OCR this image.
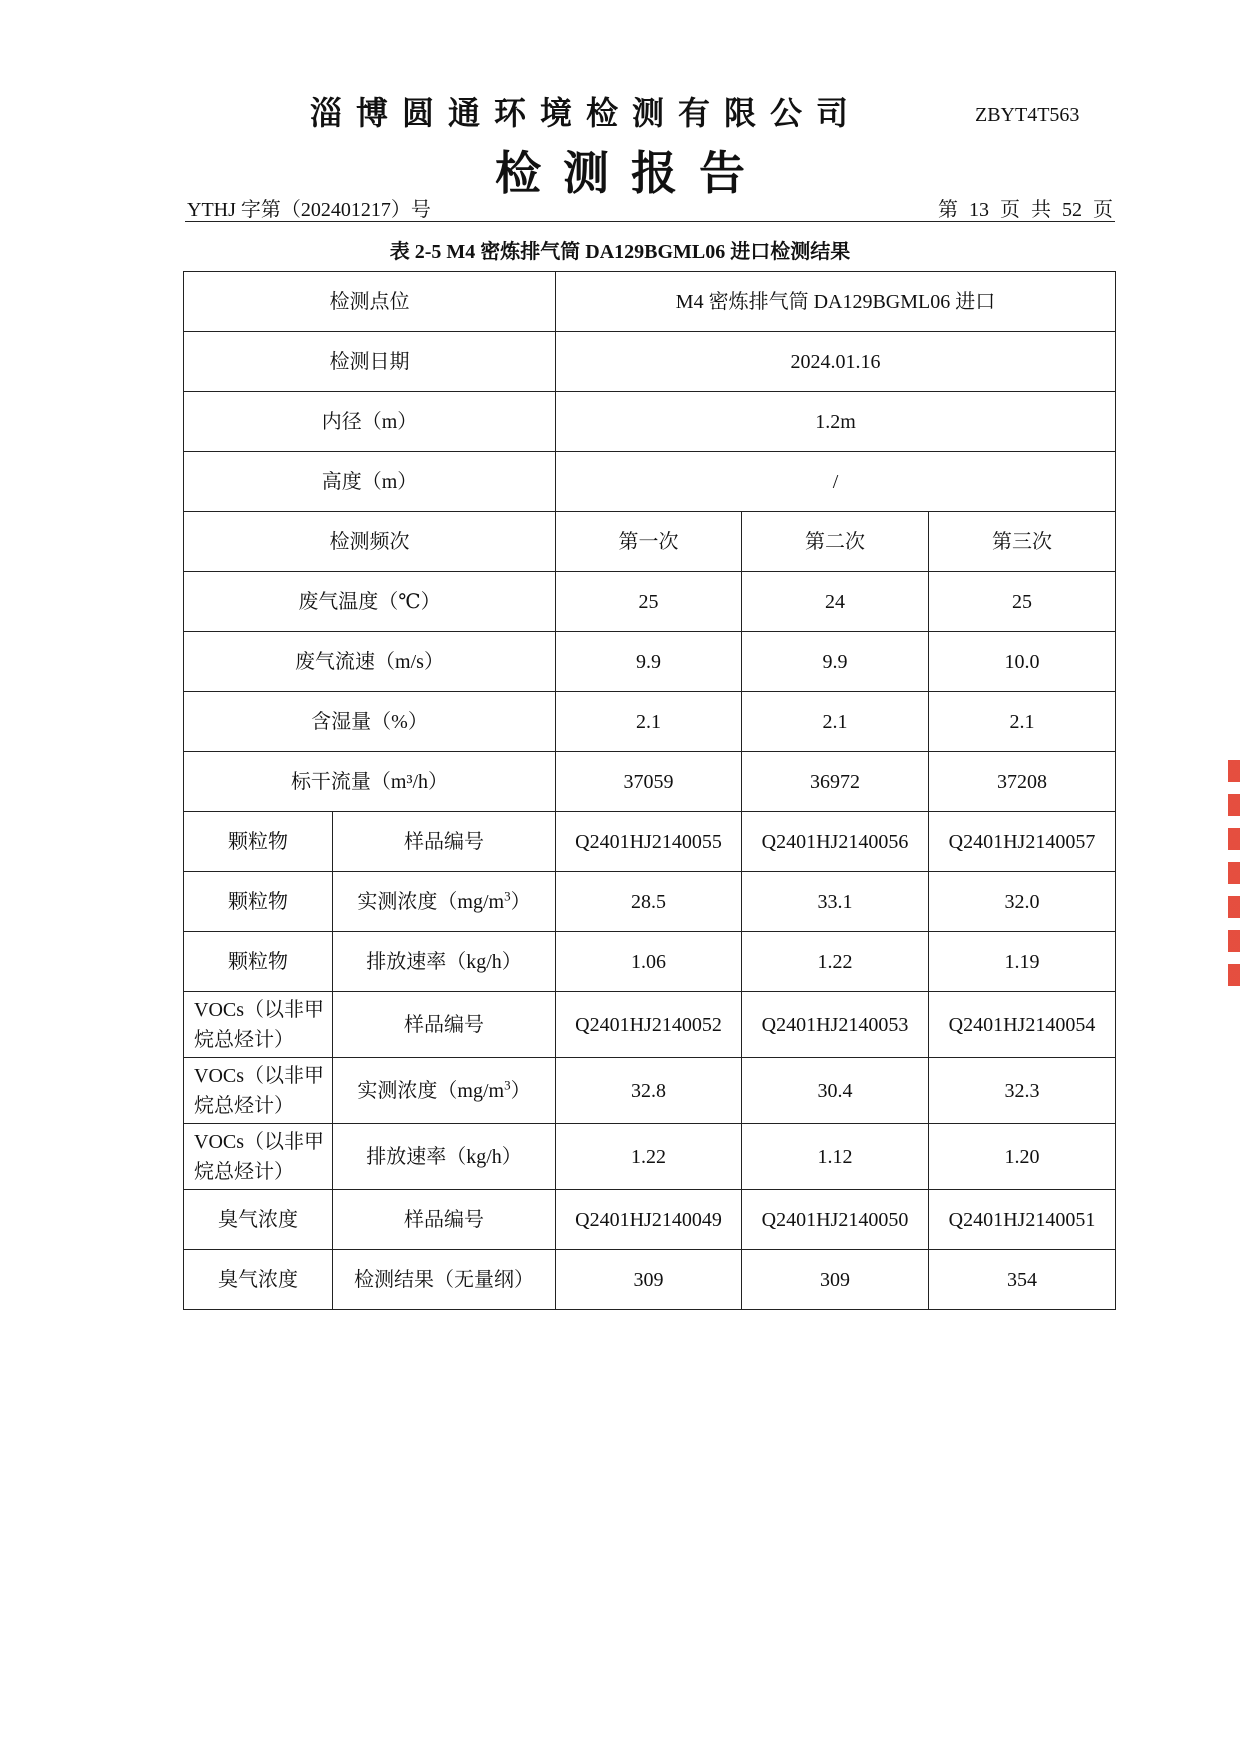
淄博圆通环境检测有限公司	ZBYT4T563
检测报告
YTHJ 字第（202401217）号	第 13 页 共 52 页
表 2-5 M4 密炼排气筒 DA129BGML06 进口检测结果
检测点位		M4 密炼排气筒 DA129BGML06 进口		
检测日期		2024.01.16		
内径（m）		1.2m		
高度（m）		/		
检测频次		第一次	第二次	第三次
废气温度（℃）		25	24	25
废气流速（m/s）		9.9	9.9	10.0
含湿量（%）		2.1	2.1	2.1
标干流量（m³/h）		37059	36972	37208
颗粒物	样品编号	Q2401HJ2140055	Q2401HJ2140056	Q2401HJ2140057
颗粒物	实测浓度$(mg/m^3)$	28.5	33.1	32.0
颗粒物	排放速率（kg/h）	1.06	1.22	1.19
VOCs（以非甲烷总烃计）	样品编号	Q2401HJ2140052	Q2401HJ2140053	Q2401HJ2140054
VOCs（以非甲烷总烃计）	实测浓度$(mg/m^3)$	32.8	30.4	32.3
VOCs（以非甲烷总烃计）	排放速率（kg/h）	1.22	1.12	1.20
臭气浓度	样品编号	Q2401HJ2140049	Q2401HJ2140050	Q2401HJ2140051
臭气浓度	检测结果（无量纲）	309	309	354
